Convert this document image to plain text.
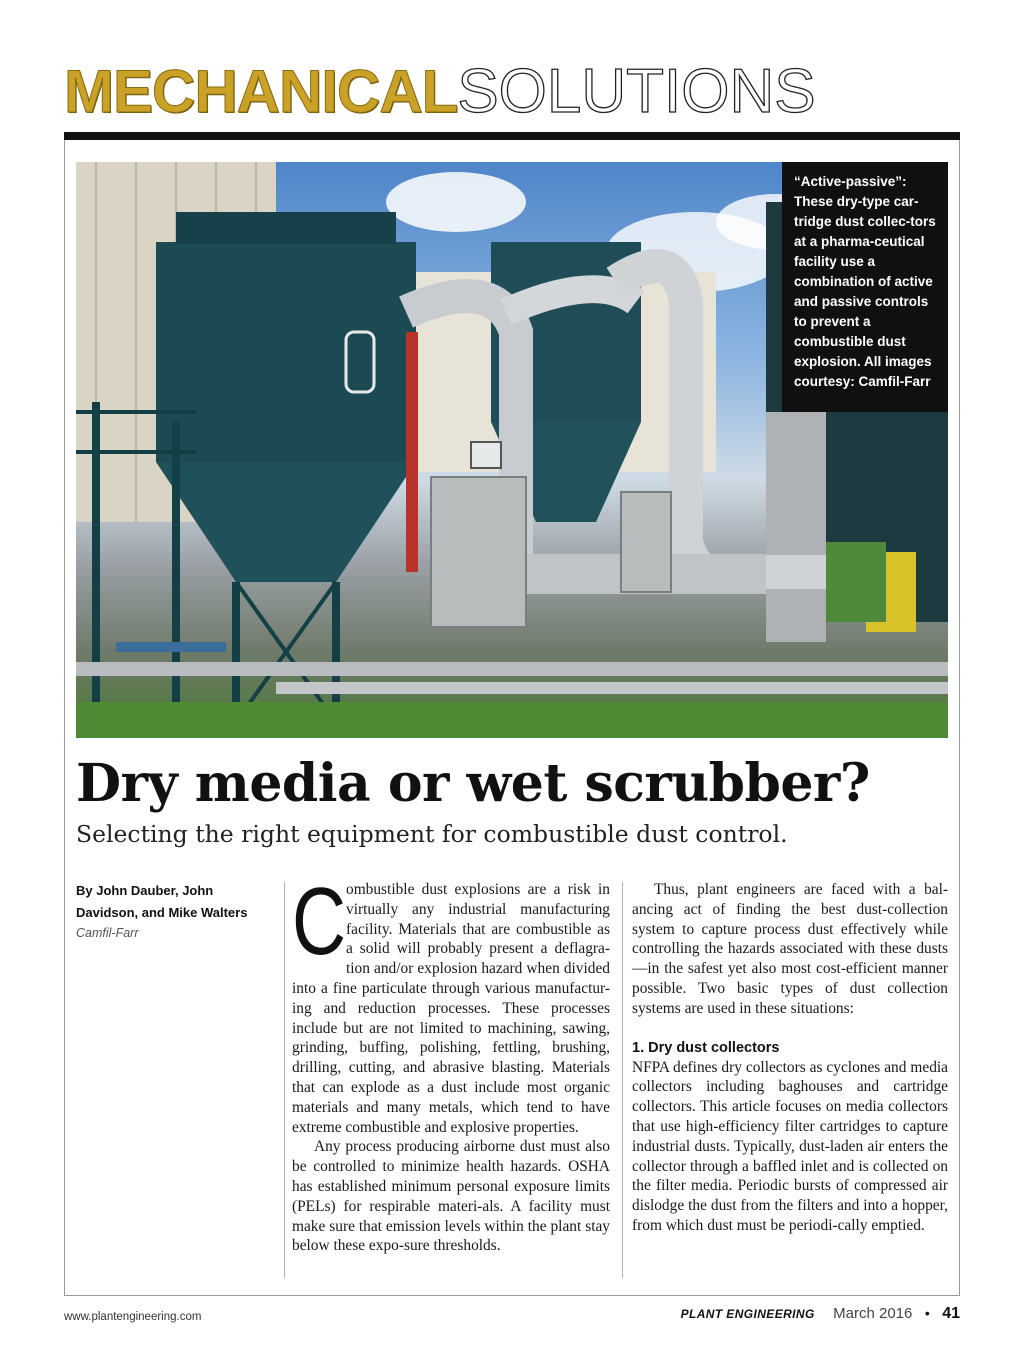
MECHANICALSOLUTIONS
“Active-passive”: These dry-type car-tridge dust collec-tors at a pharma-ceutical facility use a combination of active and passive controls to prevent a combustible dust explosion. All images courtesy: Camfil-Farr
Dry media or wet scrubber?
Selecting the right equipment for combustible dust control.
By John Dauber, John Davidson, and Mike Walters
Camfil-Farr C ombustible dust explosions are a risk in virtually any industrial manufacturing facility. Materials that are combustible as a solid will probably present a deflagra-tion and/or explosion hazard when divided into a fine particulate through various manufactur-ing and reduction processes. These processes include but are not limited to machining, sawing, grinding, buffing, polishing, fettling, brushing, drilling, cutting, and abrasive blasting. Materials that can explode as a dust include most organic materials and many metals, which tend to have extreme combustible and explosive properties.

Any process producing airborne dust must also be controlled to minimize health hazards. OSHA has established minimum personal exposure limits (PELs) for respirable materi-als. A facility must make sure that emission levels within the plant stay below these expo-sure thresholds.

Thus, plant engineers are faced with a bal-ancing act of finding the best dust-collection system to capture process dust effectively while controlling the hazards associated with these dusts—in the safest yet also most cost-efficient manner possible. Two basic types of dust collection systems are used in these situations:

1. Dry dust collectors

NFPA defines dry collectors as cyclones and media collectors including baghouses and cartridge collectors. This article focuses on media collectors that use high-efficiency filter cartridges to capture industrial dusts. Typically, dust-laden air enters the collector through a baffled inlet and is collected on the filter media. Periodic bursts of compressed air dislodge the dust from the filters and into a hopper, from which dust must be periodi-cally emptied.

www.plantengineering.com	PLANT ENGINEERING March 2016 • 41
